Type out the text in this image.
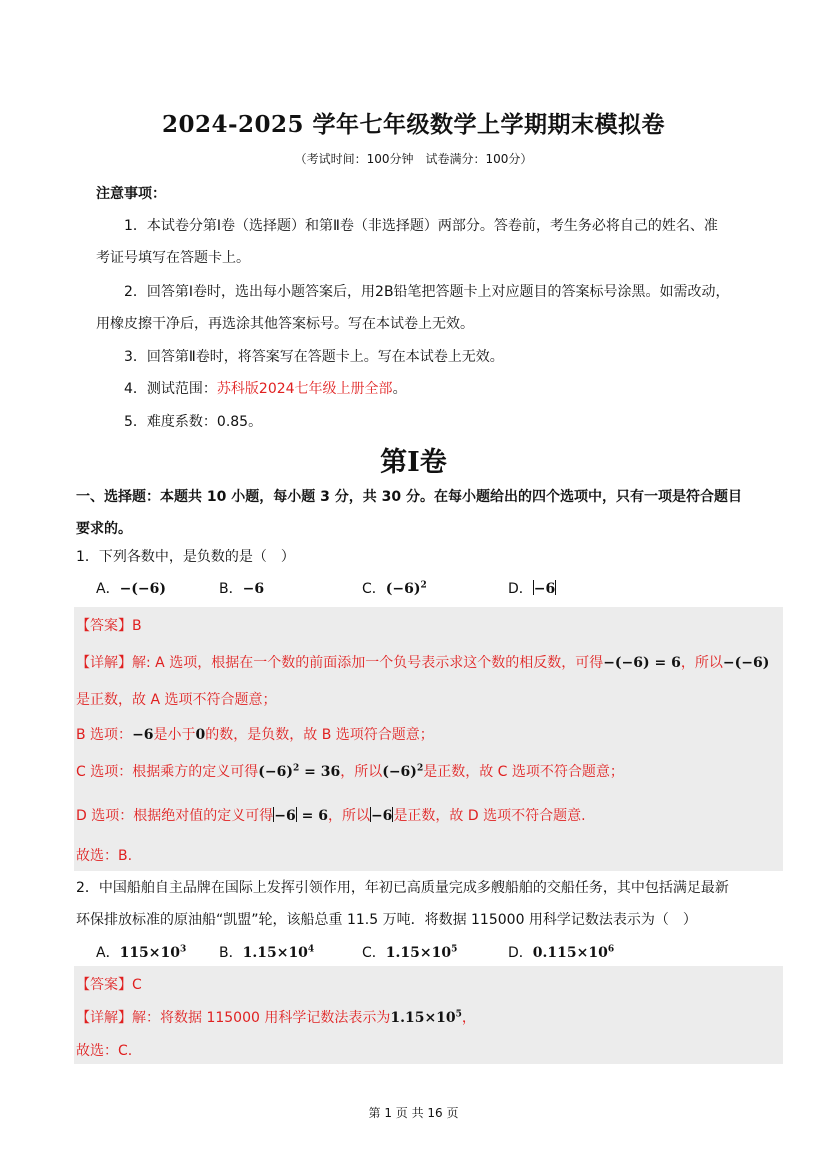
2024-2025 学年七年级数学上学期期末模拟卷
（考试时间：100分钟　试卷满分：100分）
注意事项：
1．本试卷分第Ⅰ卷（选择题）和第Ⅱ卷（非选择题）两部分。答卷前，考生务必将自己的姓名、准
考证号填写在答题卡上。
2．回答第Ⅰ卷时，选出每小题答案后，用2B铅笔把答题卡上对应题目的答案标号涂黑。如需改动，
用橡皮擦干净后，再选涂其他答案标号。写在本试卷上无效。
3．回答第Ⅱ卷时，将答案写在答题卡上。写在本试卷上无效。
4．测试范围：苏科版2024七年级上册全部。
5．难度系数：0.85。
第Ⅰ卷
一、选择题：本题共 10 小题，每小题 3 分，共 30 分。在每小题给出的四个选项中，只有一项是符合题目
要求的。
1．下列各数中，是负数的是（　）
A．−(−6)	B．−6	C．$(-6)^2$	D．−6
【答案】B
【详解】解: A 选项，根据在一个数的前面添加一个负号表示求这个数的相反数，可得−(−6) = 6，所以−(−6)
是正数，故 A 选项不符合题意；
B 选项：−6是小于0的数，是负数，故 B 选项符合题意；
C 选项：根据乘方的定义可得$(-6)^2 = 36$，所以$(-6)^2$是正数，故 C 选项不符合题意；
D 选项：根据绝对值的定义可得−6 = 6，所以−6是正数，故 D 选项不符合题意.
故选：B.
2．中国船舶自主品牌在国际上发挥引领作用，年初已高质量完成多艘船舶的交船任务，其中包括满足最新
环保排放标准的原油船“凯盟”轮，该船总重 11.5 万吨．将数据 115000 用科学记数法表示为（　）
A．$115\times 10^3$ B．$1.15\times 10^4$	C．$1.15\times 10^5$	D．$0.115\times 10^6$
【答案】C
【详解】解：将数据 115000 用科学记数法表示为$1.15\times 10^5$，
故选：C.
第 1 页 共 16 页
